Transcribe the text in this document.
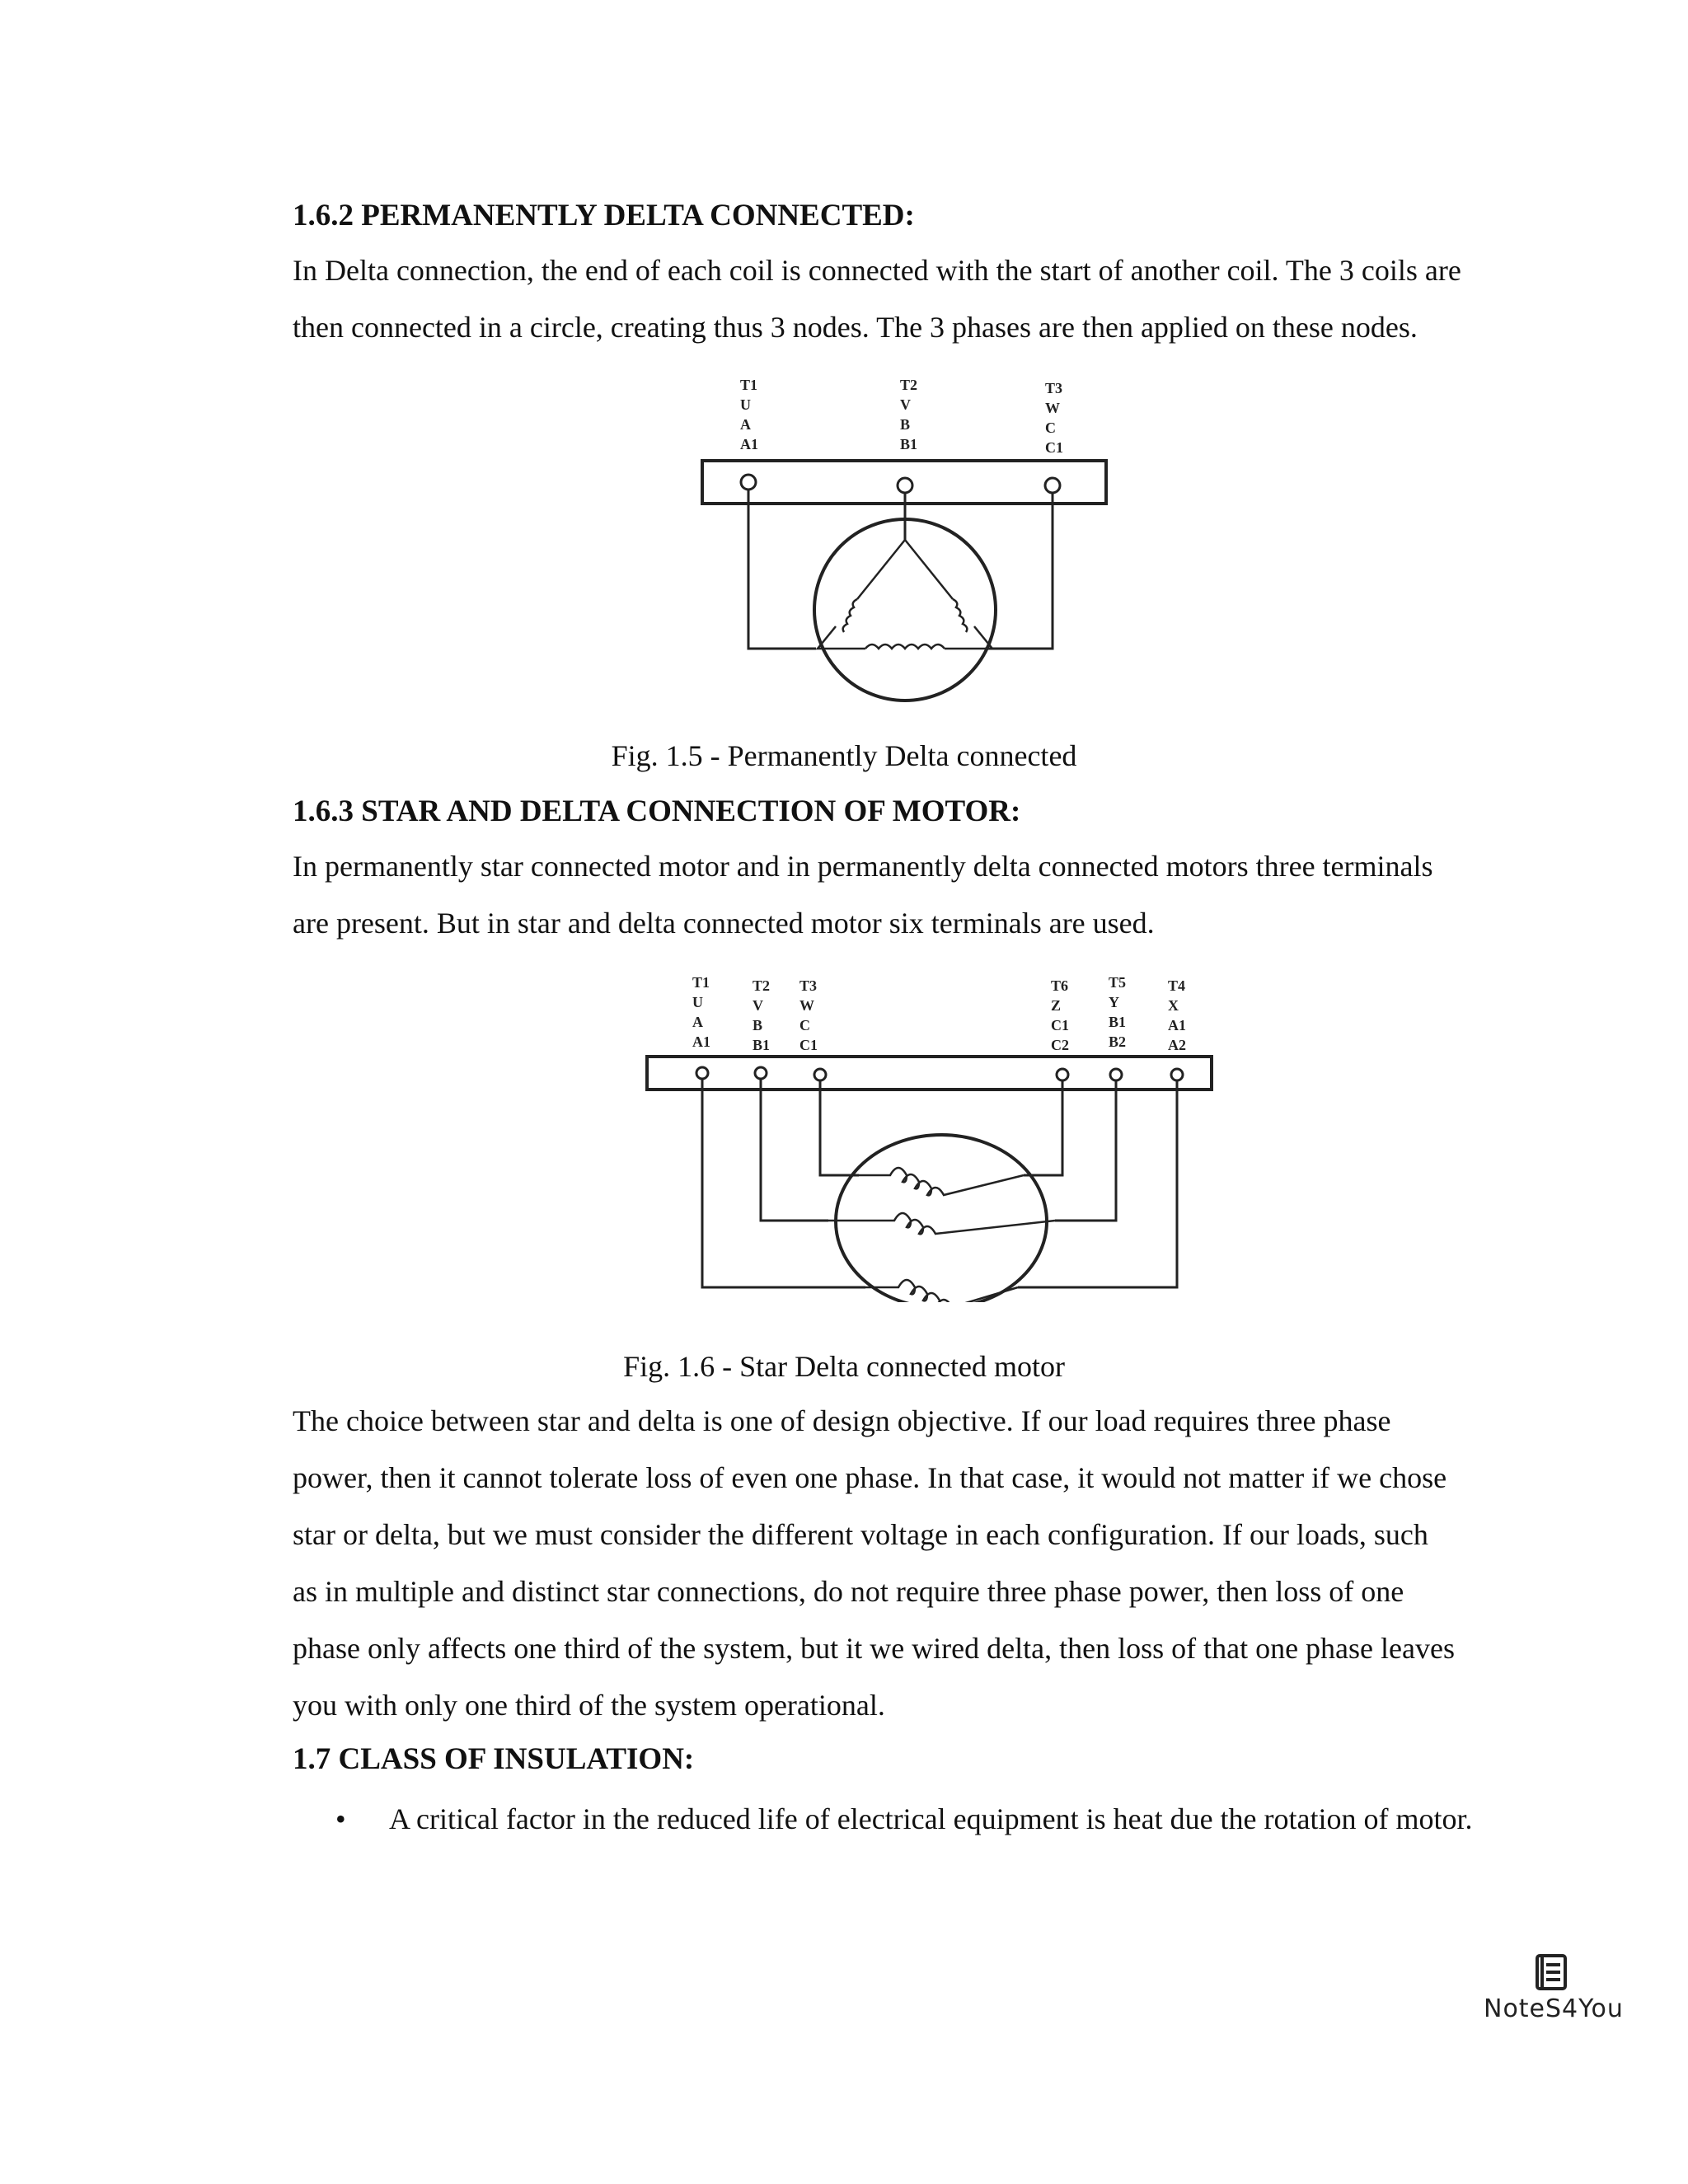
1.6.2 PERMANENTLY DELTA CONNECTED:
In Delta connection, the end of each coil is connected with the start of another coil. The 3 coils are
then connected in a circle, creating thus 3 nodes. The 3 phases are then applied on these nodes.
T1
U
A
A1
T2
V
B
B1
T3
W
C
C1
Fig. 1.5 - Permanently Delta connected
1.6.3 STAR AND DELTA CONNECTION OF MOTOR:
In permanently star connected motor and in permanently delta connected motors three terminals
are present. But in star and delta connected motor six terminals are used.
T1
U
A
A1
T2
V
B
B1
T3
W
C
C1
T6
Z
C1
C2
T5
Y
B1
B2
T4
X
A1
A2
Fig. 1.6 - Star Delta connected motor
The choice between star and delta is one of design objective. If our load requires three phase
power, then it cannot tolerate loss of even one phase. In that case, it would not matter if we chose
star or delta, but we must consider the different voltage in each configuration. If our loads, such
as in multiple and distinct star connections, do not require three phase power, then loss of one
phase only affects one third of the system, but it we wired delta, then loss of that one phase leaves
you with only one third of the system operational.
1.7 CLASS OF INSULATION:
• A critical factor in the reduced life of electrical equipment is heat due the rotation of motor.
NoteS4You
